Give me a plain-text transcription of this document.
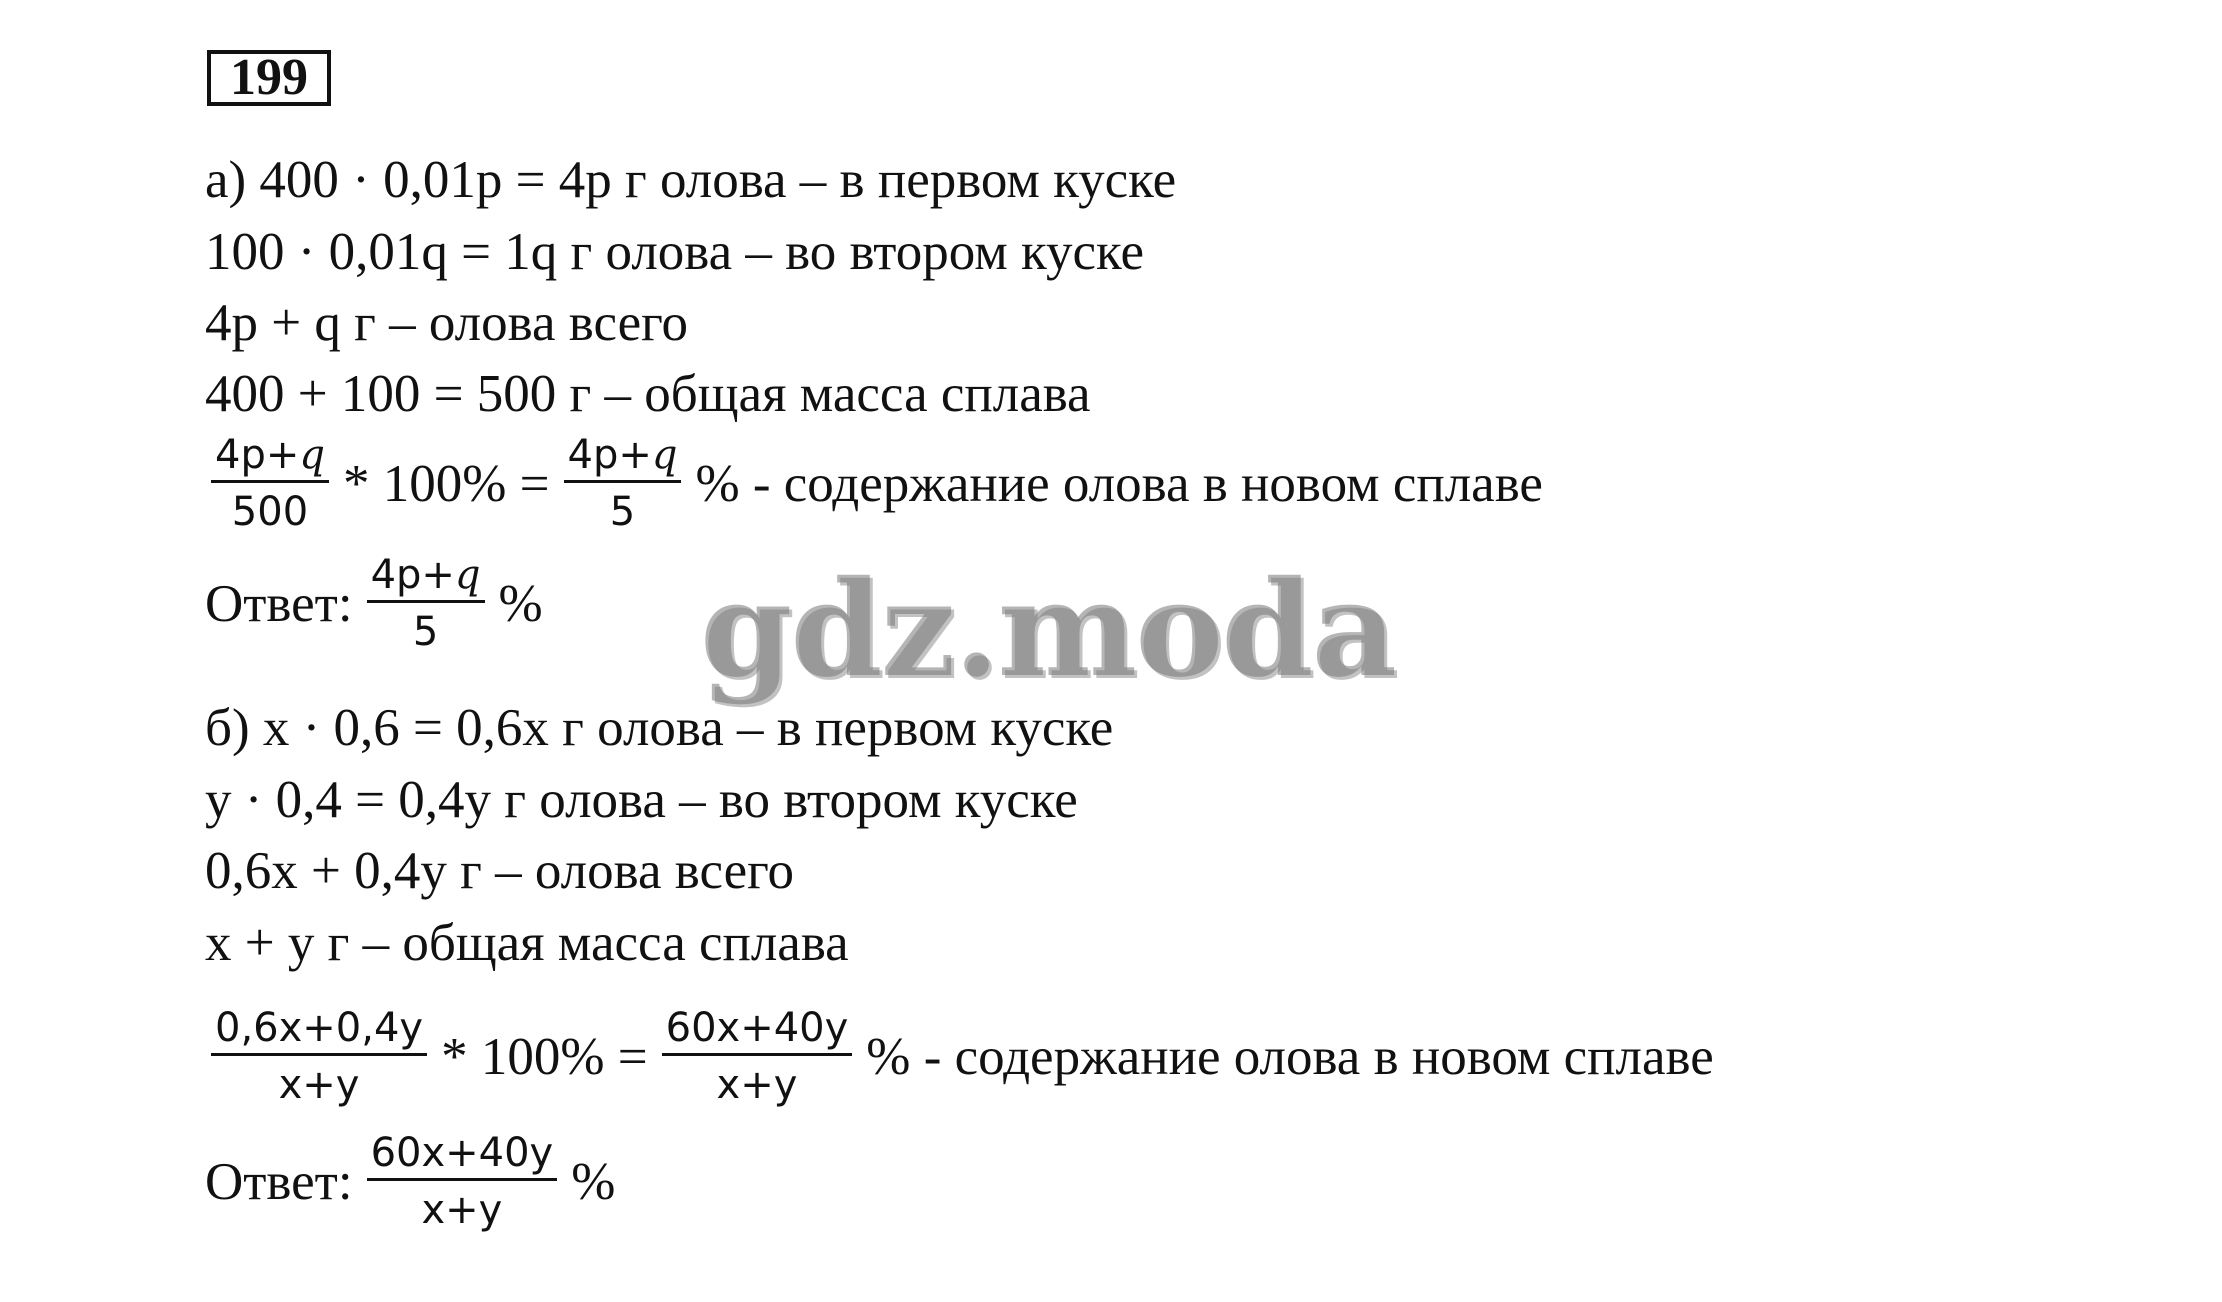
199
а) 400 · 0,01p = 4p г олова – в первом куске
100 · 0,01q = 1q г олова – во втором куске
4p + q г – олова всего
400 + 100 = 500 г – общая масса сплава
$\frac{4p+q}{500} * 100\% = \frac{4p+q}{5}$ % - содержание олова в новом сплаве
Ответ: $\frac{4p+q}{5}$ %
б) x · 0,6 = 0,6x г олова – в первом куске
y · 0,4 = 0,4y г олова – во втором куске
0,6x + 0,4y г – олова всего
x + y г – общая масса сплава
$\frac{0,6x+0,4y}{x+y} * 100\% = \frac{60x+40y}{x+y}$ % - содержание олова в новом сплаве
Ответ: $\frac{60x+40y}{x+y}$ %
gdz.moda
